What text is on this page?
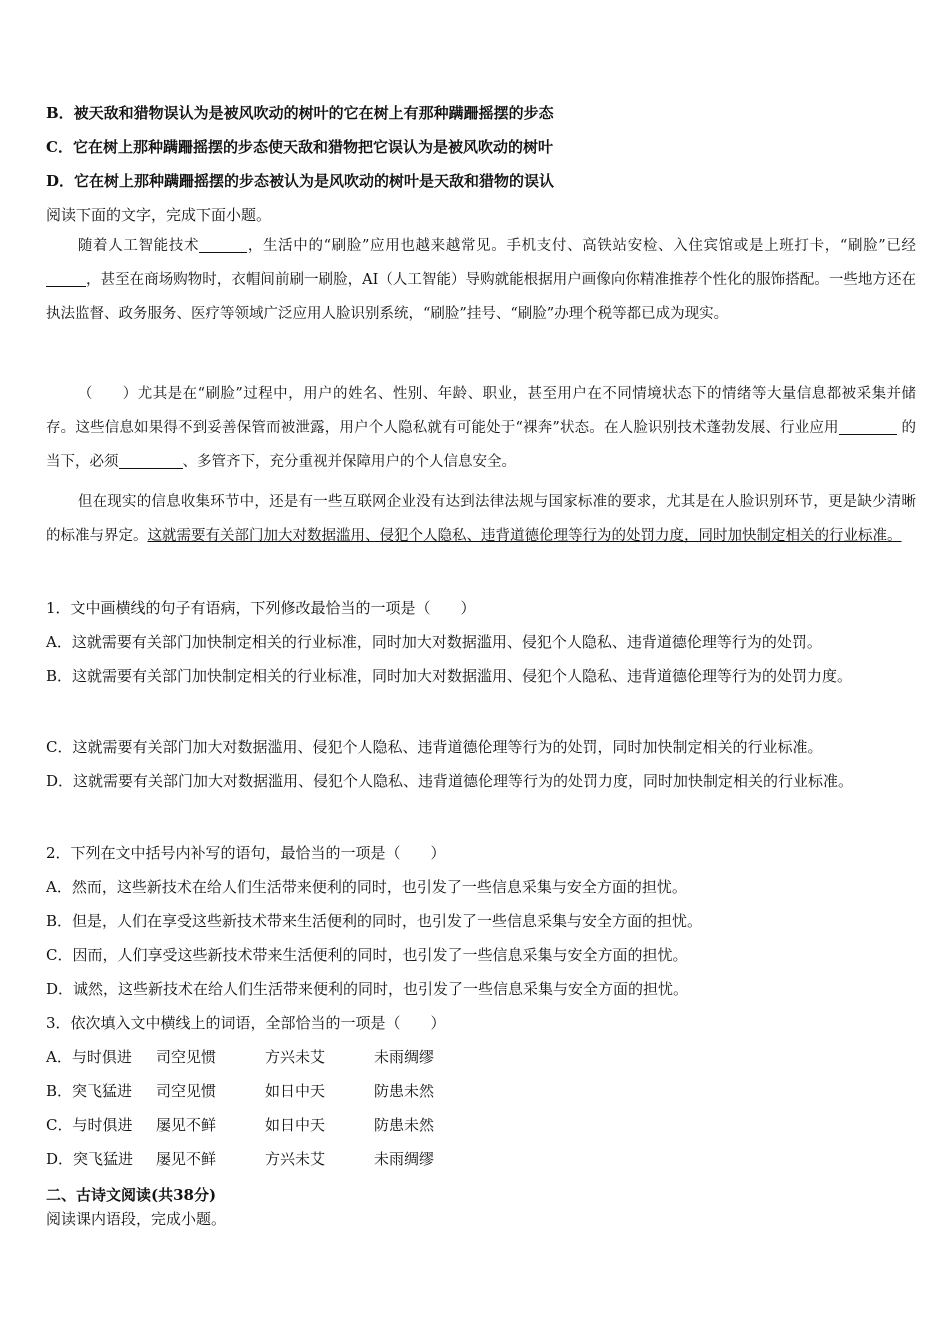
B．被天敌和猎物误认为是被风吹动的树叶的它在树上有那种蹒跚摇摆的步态
C．它在树上那种蹒跚摇摆的步态使天敌和猎物把它误认为是被风吹动的树叶
D．它在树上那种蹒跚摇摆的步态被认为是风吹动的树叶是天敌和猎物的误认
阅读下面的文字，完成下面小题。
随着人工智能技术	，生活中的“刷脸”应用也越来越常见。手机支付、高铁站安检、入住宾馆或是上班打卡，“刷脸”已经 ，甚至在商场购物时，衣帽间前刷一刷脸，AI（人工智能）导购就能根据用户画像向你精准推荐个性化的服饰搭配。一些地方还在执法监督、政务服务、医疗等领域广泛应用人脸识别系统，“刷脸”挂号、“刷脸”办理个税等都已成为现实。
（　　）尤其是在“刷脸”过程中，用户的姓名、性别、年龄、职业，甚至用户在不同情境状态下的情绪等大量信息都被采集并储存。这些信息如果得不到妥善保管而被泄露，用户个人隐私就有可能处于“裸奔”状态。在人脸识别技术蓬勃发展、行业应用	的当下，必须	、多管齐下，充分重视并保障用户的个人信息安全。
但在现实的信息收集环节中，还是有一些互联网企业没有达到法律法规与国家标准的要求，尤其是在人脸识别环节，更是缺少清晰的标准与界定。这就需要有关部门加大对数据滥用、侵犯个人隐私、违背道德伦理等行为的处罚力度，同时加快制定相关的行业标准。
1．文中画横线的句子有语病，下列修改最恰当的一项是（　　）
A．这就需要有关部门加快制定相关的行业标准，同时加大对数据滥用、侵犯个人隐私、违背道德伦理等行为的处罚。
B．这就需要有关部门加快制定相关的行业标准，同时加大对数据滥用、侵犯个人隐私、违背道德伦理等行为的处罚力度。
C．这就需要有关部门加大对数据滥用、侵犯个人隐私、违背道德伦理等行为的处罚，同时加快制定相关的行业标准。
D．这就需要有关部门加大对数据滥用、侵犯个人隐私、违背道德伦理等行为的处罚力度，同时加快制定相关的行业标准。
2．下列在文中括号内补写的语句，最恰当的一项是（　　）
A．然而，这些新技术在给人们生活带来便利的同时，也引发了一些信息采集与安全方面的担忧。
B．但是，人们在享受这些新技术带来生活便利的同时，也引发了一些信息采集与安全方面的担忧。
C．因而，人们享受这些新技术带来生活便利的同时，也引发了一些信息采集与安全方面的担忧。
D．诚然，这些新技术在给人们生活带来便利的同时，也引发了一些信息采集与安全方面的担忧。
3．依次填入文中横线上的词语，全部恰当的一项是（　　）
A．与时俱进 司空见惯	方兴未艾	未雨绸缪
B．突飞猛进 司空见惯	如日中天	防患未然
C．与时俱进 屡见不鲜	如日中天	防患未然
D．突飞猛进 屡见不鲜	方兴未艾	未雨绸缪
二、古诗文阅读(共38分)
阅读课内语段，完成小题。
